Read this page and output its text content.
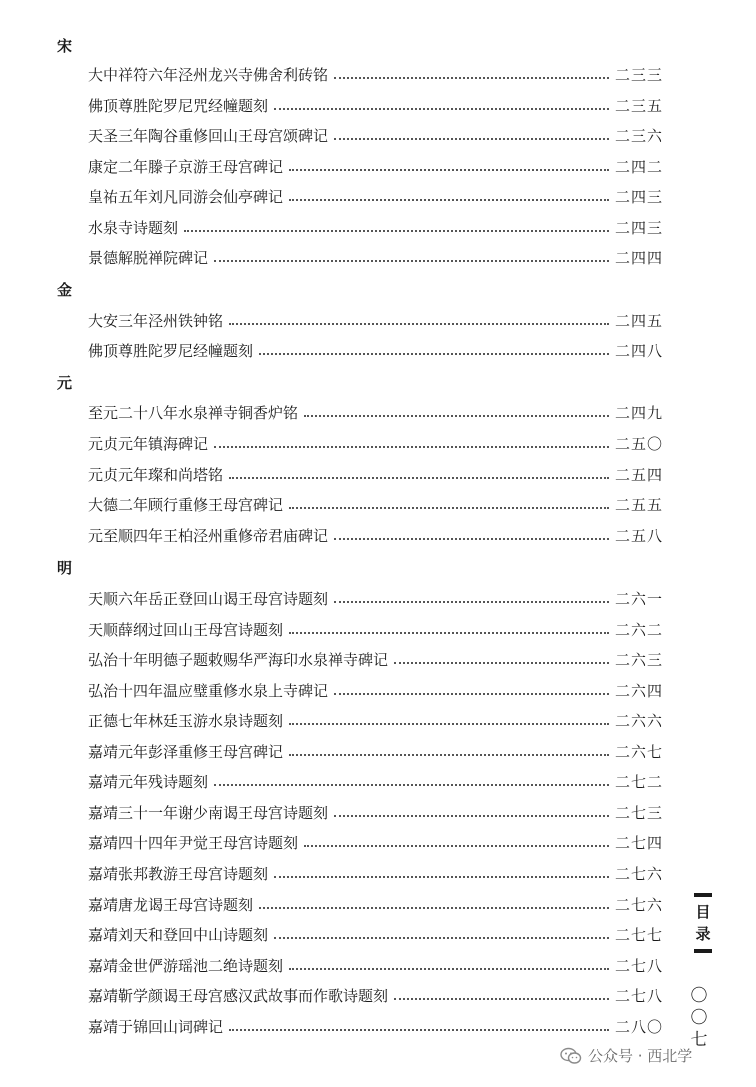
宋
大中祥符六年泾州龙兴寺佛舍利砖铭	二三三
佛顶尊胜陀罗尼咒经幢题刻	二三五
天圣三年陶谷重修回山王母宫颂碑记	二三六
康定二年滕子京游王母宫碑记	二四二
皇祐五年刘凡同游会仙亭碑记	二四三
水泉寺诗题刻	二四三
景德解脱禅院碑记	二四四
金
大安三年泾州铁钟铭	二四五
佛顶尊胜陀罗尼经幢题刻	二四八
元
至元二十八年水泉禅寺铜香炉铭	二四九
元贞元年镇海碑记	二五〇
元贞元年璨和尚塔铭	二五四
大德二年顾行重修王母宫碑记	二五五
元至顺四年王柏泾州重修帝君庙碑记	二五八
明
天顺六年岳正登回山谒王母宫诗题刻	二六一
天顺薛纲过回山王母宫诗题刻	二六二
弘治十年明德子题敕赐华严海印水泉禅寺碑记	二六三
弘治十四年温应璧重修水泉上寺碑记	二六四
正德七年林廷玉游水泉诗题刻	二六六
嘉靖元年彭泽重修王母宫碑记	二六七
嘉靖元年残诗题刻	二七二
嘉靖三十一年谢少南谒王母宫诗题刻	二七三
嘉靖四十四年尹觉王母宫诗题刻	二七四
嘉靖张邦教游王母宫诗题刻	二七六
嘉靖唐龙谒王母宫诗题刻	二七六
嘉靖刘天和登回中山诗题刻	二七七
嘉靖金世俨游瑶池二绝诗题刻	二七八
嘉靖靳学颜谒王母宫感汉武故事而作歌诗题刻	二七八
嘉靖于锦回山词碑记	二八〇
目
录
〇
〇
七
公众号 · 西北学
